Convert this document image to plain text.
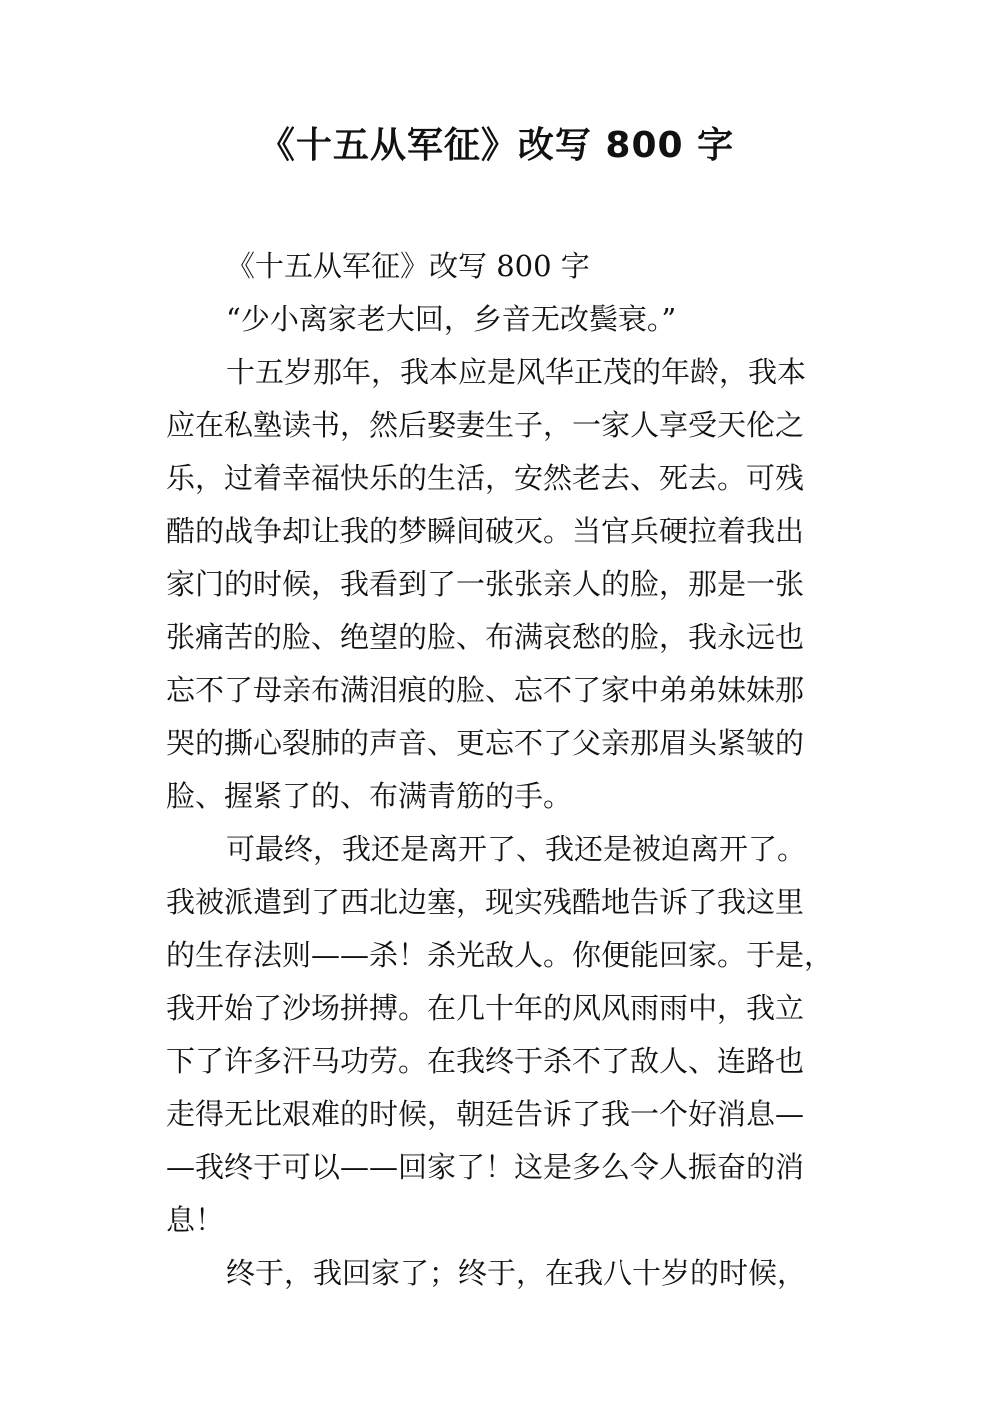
《十五从军征》改写 800 字

《十五从军征》改写 800 字

“少小离家老大回，乡音无改鬓衰。”

十五岁那年，我本应是风华正茂的年龄，我本

应在私塾读书，然后娶妻生子，一家人享受天伦之

乐，过着幸福快乐的生活，安然老去、死去。可残

酷的战争却让我的梦瞬间破灭。当官兵硬拉着我出

家门的时候，我看到了一张张亲人的脸，那是一张

张痛苦的脸、绝望的脸、布满哀愁的脸，我永远也

忘不了母亲布满泪痕的脸、忘不了家中弟弟妹妹那

哭的撕心裂肺的声音、更忘不了父亲那眉头紧皱的

脸、握紧了的、布满青筋的手。

可最终，我还是离开了、我还是被迫离开了。

我被派遣到了西北边塞，现实残酷地告诉了我这里

的生存法则——杀！杀光敌人。你便能回家。于是，

我开始了沙场拼搏。在几十年的风风雨雨中，我立

下了许多汗马功劳。在我终于杀不了敌人、连路也

走得无比艰难的时候，朝廷告诉了我一个好消息—

—我终于可以——回家了！这是多么令人振奋的消

息！

终于，我回家了；终于，在我八十岁的时候，
